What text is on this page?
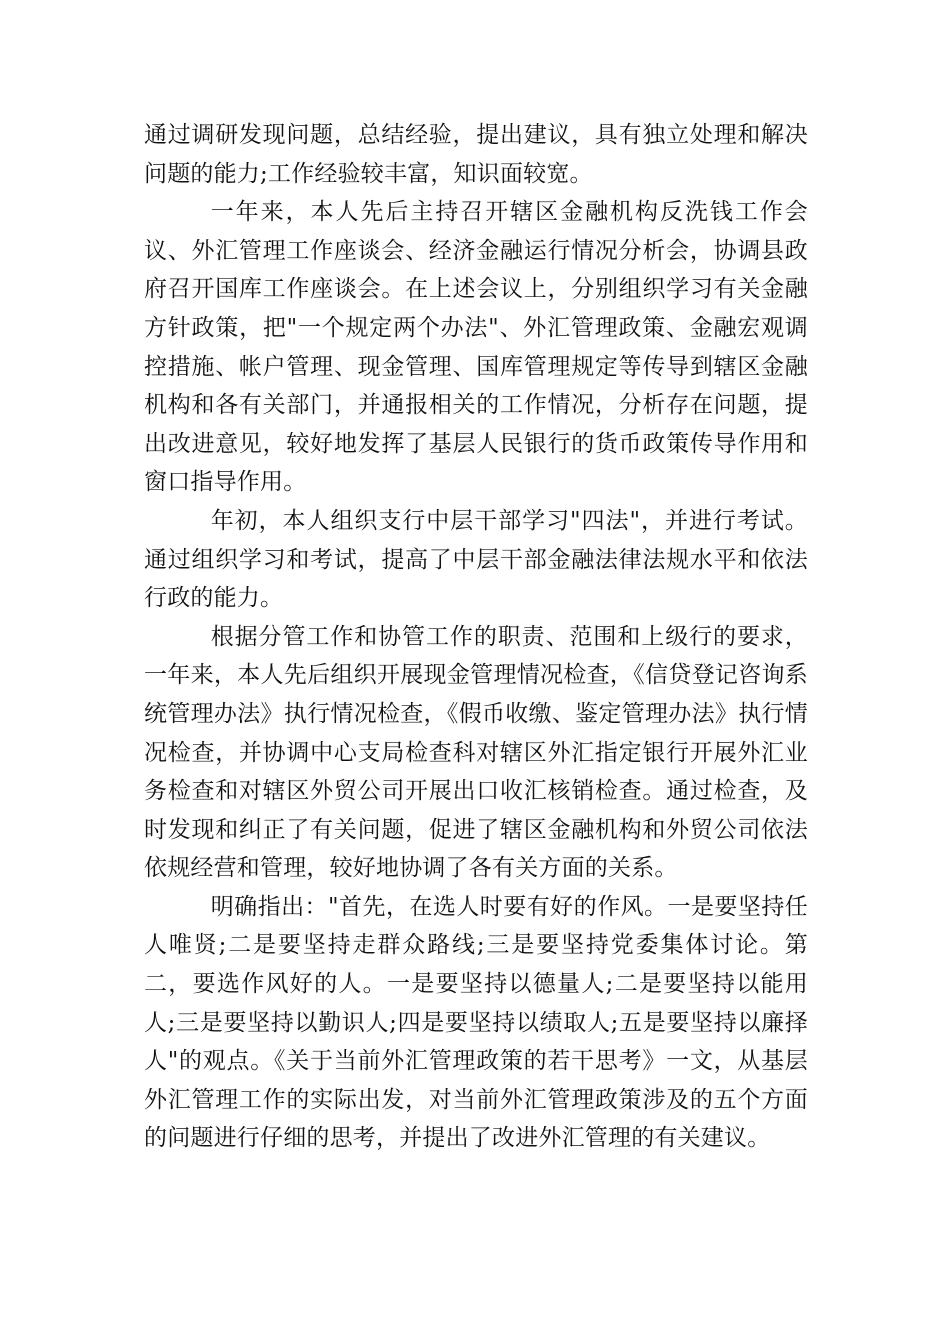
通过调研发现问题，总结经验，提出建议，具有独立处理和解决问题的能力;工作经验较丰富，知识面较宽。

一年来，本人先后主持召开辖区金融机构反洗钱工作会议、外汇管理工作座谈会、经济金融运行情况分析会，协调县政府召开国库工作座谈会。在上述会议上，分别组织学习有关金融方针政策，把"一个规定两个办法"、外汇管理政策、金融宏观调控措施、帐户管理、现金管理、国库管理规定等传导到辖区金融机构和各有关部门，并通报相关的工作情况，分析存在问题，提出改进意见，较好地发挥了基层人民银行的货币政策传导作用和窗口指导作用。

年初，本人组织支行中层干部学习"四法"，并进行考试。通过组织学习和考试，提高了中层干部金融法律法规水平和依法行政的能力。

根据分管工作和协管工作的职责、范围和上级行的要求，一年来，本人先后组织开展现金管理情况检查，《信贷登记咨询系统管理办法》执行情况检查，《假币收缴、鉴定管理办法》执行情况检查，并协调中心支局检查科对辖区外汇指定银行开展外汇业务检查和对辖区外贸公司开展出口收汇核销检查。通过检查，及时发现和纠正了有关问题，促进了辖区金融机构和外贸公司依法依规经营和管理，较好地协调了各有关方面的关系。

明确指出："首先，在选人时要有好的作风。一是要坚持任人唯贤;二是要坚持走群众路线;三是要坚持党委集体讨论。第二，要选作风好的人。一是要坚持以德量人;二是要坚持以能用人;三是要坚持以勤识人;四是要坚持以绩取人;五是要坚持以廉择人"的观点。《关于当前外汇管理政策的若干思考》一文，从基层外汇管理工作的实际出发，对当前外汇管理政策涉及的五个方面的问题进行仔细的思考，并提出了改进外汇管理的有关建议。
